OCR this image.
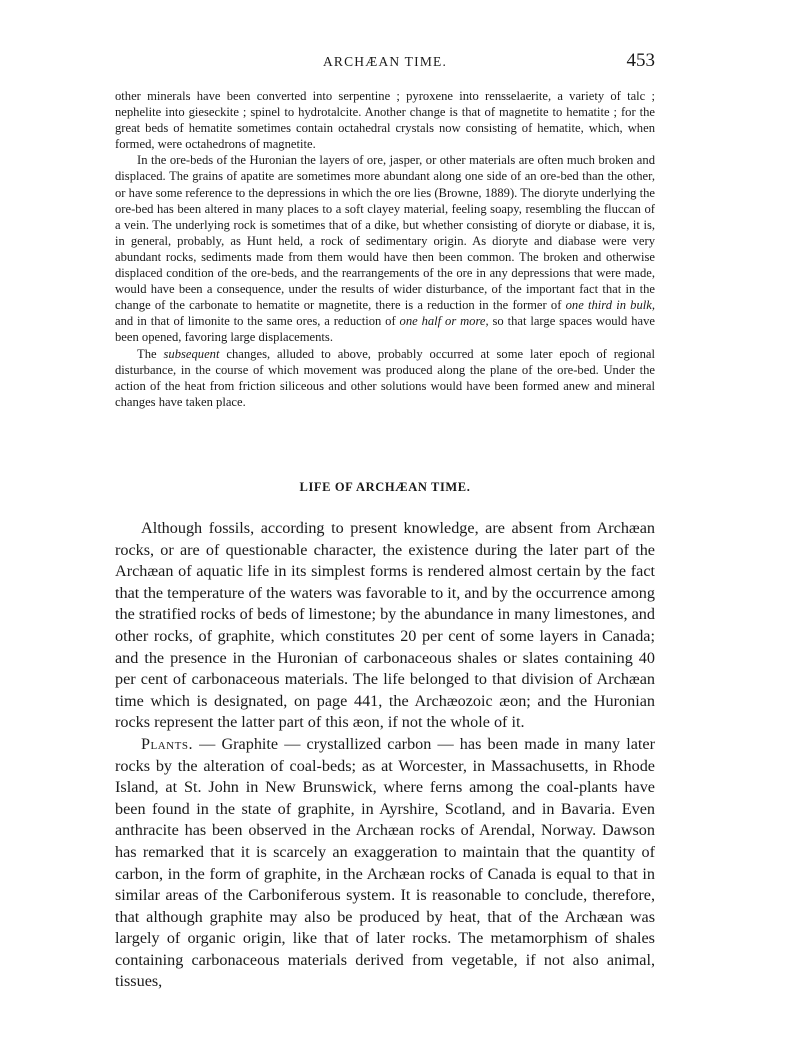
ARCHÆAN TIME.	453

other minerals have been converted into serpentine ; pyroxene into rensselaerite, a variety of talc ; nephelite into gieseckite ; spinel to hydrotalcite. Another change is that of magnetite to hematite ; for the great beds of hematite sometimes contain octahedral crystals now consisting of hematite, which, when formed, were octahedrons of magnetite.

In the ore-beds of the Huronian the layers of ore, jasper, or other materials are often much broken and displaced. The grains of apatite are sometimes more abundant along one side of an ore-bed than the other, or have some reference to the depressions in which the ore lies (Browne, 1889). The dioryte underlying the ore-bed has been altered in many places to a soft clayey material, feeling soapy, resembling the fluccan of a vein. The underlying rock is sometimes that of a dike, but whether consisting of dioryte or diabase, it is, in general, probably, as Hunt held, a rock of sedimentary origin. As dioryte and diabase were very abundant rocks, sediments made from them would have then been common. The broken and otherwise displaced condition of the ore-beds, and the rearrangements of the ore in any depressions that were made, would have been a consequence, under the results of wider disturbance, of the important fact that in the change of the carbonate to hematite or magnetite, there is a reduction in the former of one third in bulk, and in that of limonite to the same ores, a reduction of one half or more, so that large spaces would have been opened, favoring large displacements.

The subsequent changes, alluded to above, probably occurred at some later epoch of regional disturbance, in the course of which movement was produced along the plane of the ore-bed. Under the action of the heat from friction siliceous and other solutions would have been formed anew and mineral changes have taken place.

LIFE OF ARCHÆAN TIME.

Although fossils, according to present knowledge, are absent from Archæan rocks, or are of questionable character, the existence during the later part of the Archæan of aquatic life in its simplest forms is rendered almost certain by the fact that the temperature of the waters was favorable to it, and by the occurrence among the stratified rocks of beds of limestone; by the abundance in many limestones, and other rocks, of graphite, which constitutes 20 per cent of some layers in Canada; and the presence in the Huronian of carbonaceous shales or slates containing 40 per cent of carbonaceous materials. The life belonged to that division of Archæan time which is designated, on page 441, the Archæozoic æon; and the Huronian rocks represent the latter part of this æon, if not the whole of it.

Plants. — Graphite — crystallized carbon — has been made in many later rocks by the alteration of coal-beds; as at Worcester, in Massachusetts, in Rhode Island, at St. John in New Brunswick, where ferns among the coal-plants have been found in the state of graphite, in Ayrshire, Scotland, and in Bavaria. Even anthracite has been observed in the Archæan rocks of Arendal, Norway. Dawson has remarked that it is scarcely an exaggeration to maintain that the quantity of carbon, in the form of graphite, in the Archæan rocks of Canada is equal to that in similar areas of the Carboniferous system. It is reasonable to conclude, therefore, that although graphite may also be produced by heat, that of the Archæan was largely of organic origin, like that of later rocks. The metamorphism of shales containing carbonaceous materials derived from vegetable, if not also animal, tissues,
